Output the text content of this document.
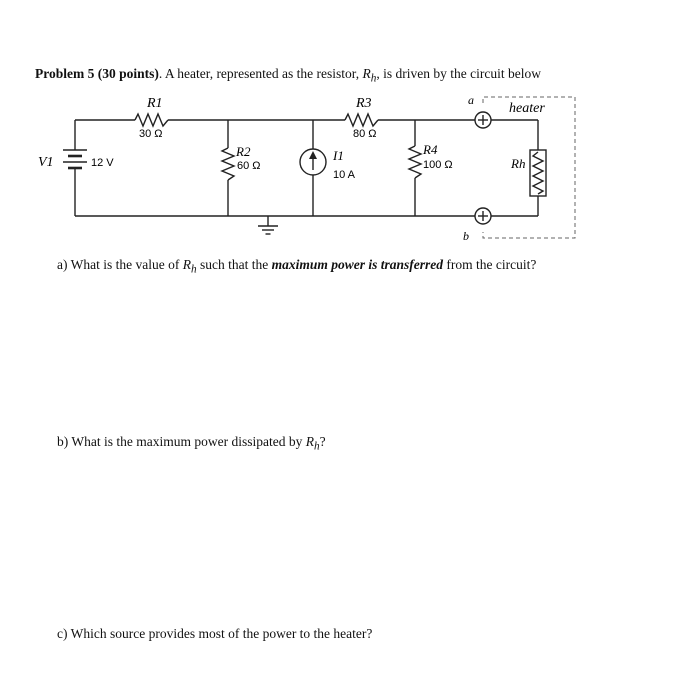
Problem 5 (30 points). A heater, represented as the resistor, $R_h$, is driven by the circuit below
R1
30 Ω
R3
80 Ω
V1	12 V
R2
60 Ω
I1
10 A
R4
100 Ω	Rh
a
b
heater
a) What is the value of $R_h$ such that the maximum power is transferred from the circuit?
b) What is the maximum power dissipated by $R_h$?
c) Which source provides most of the power to the heater?
